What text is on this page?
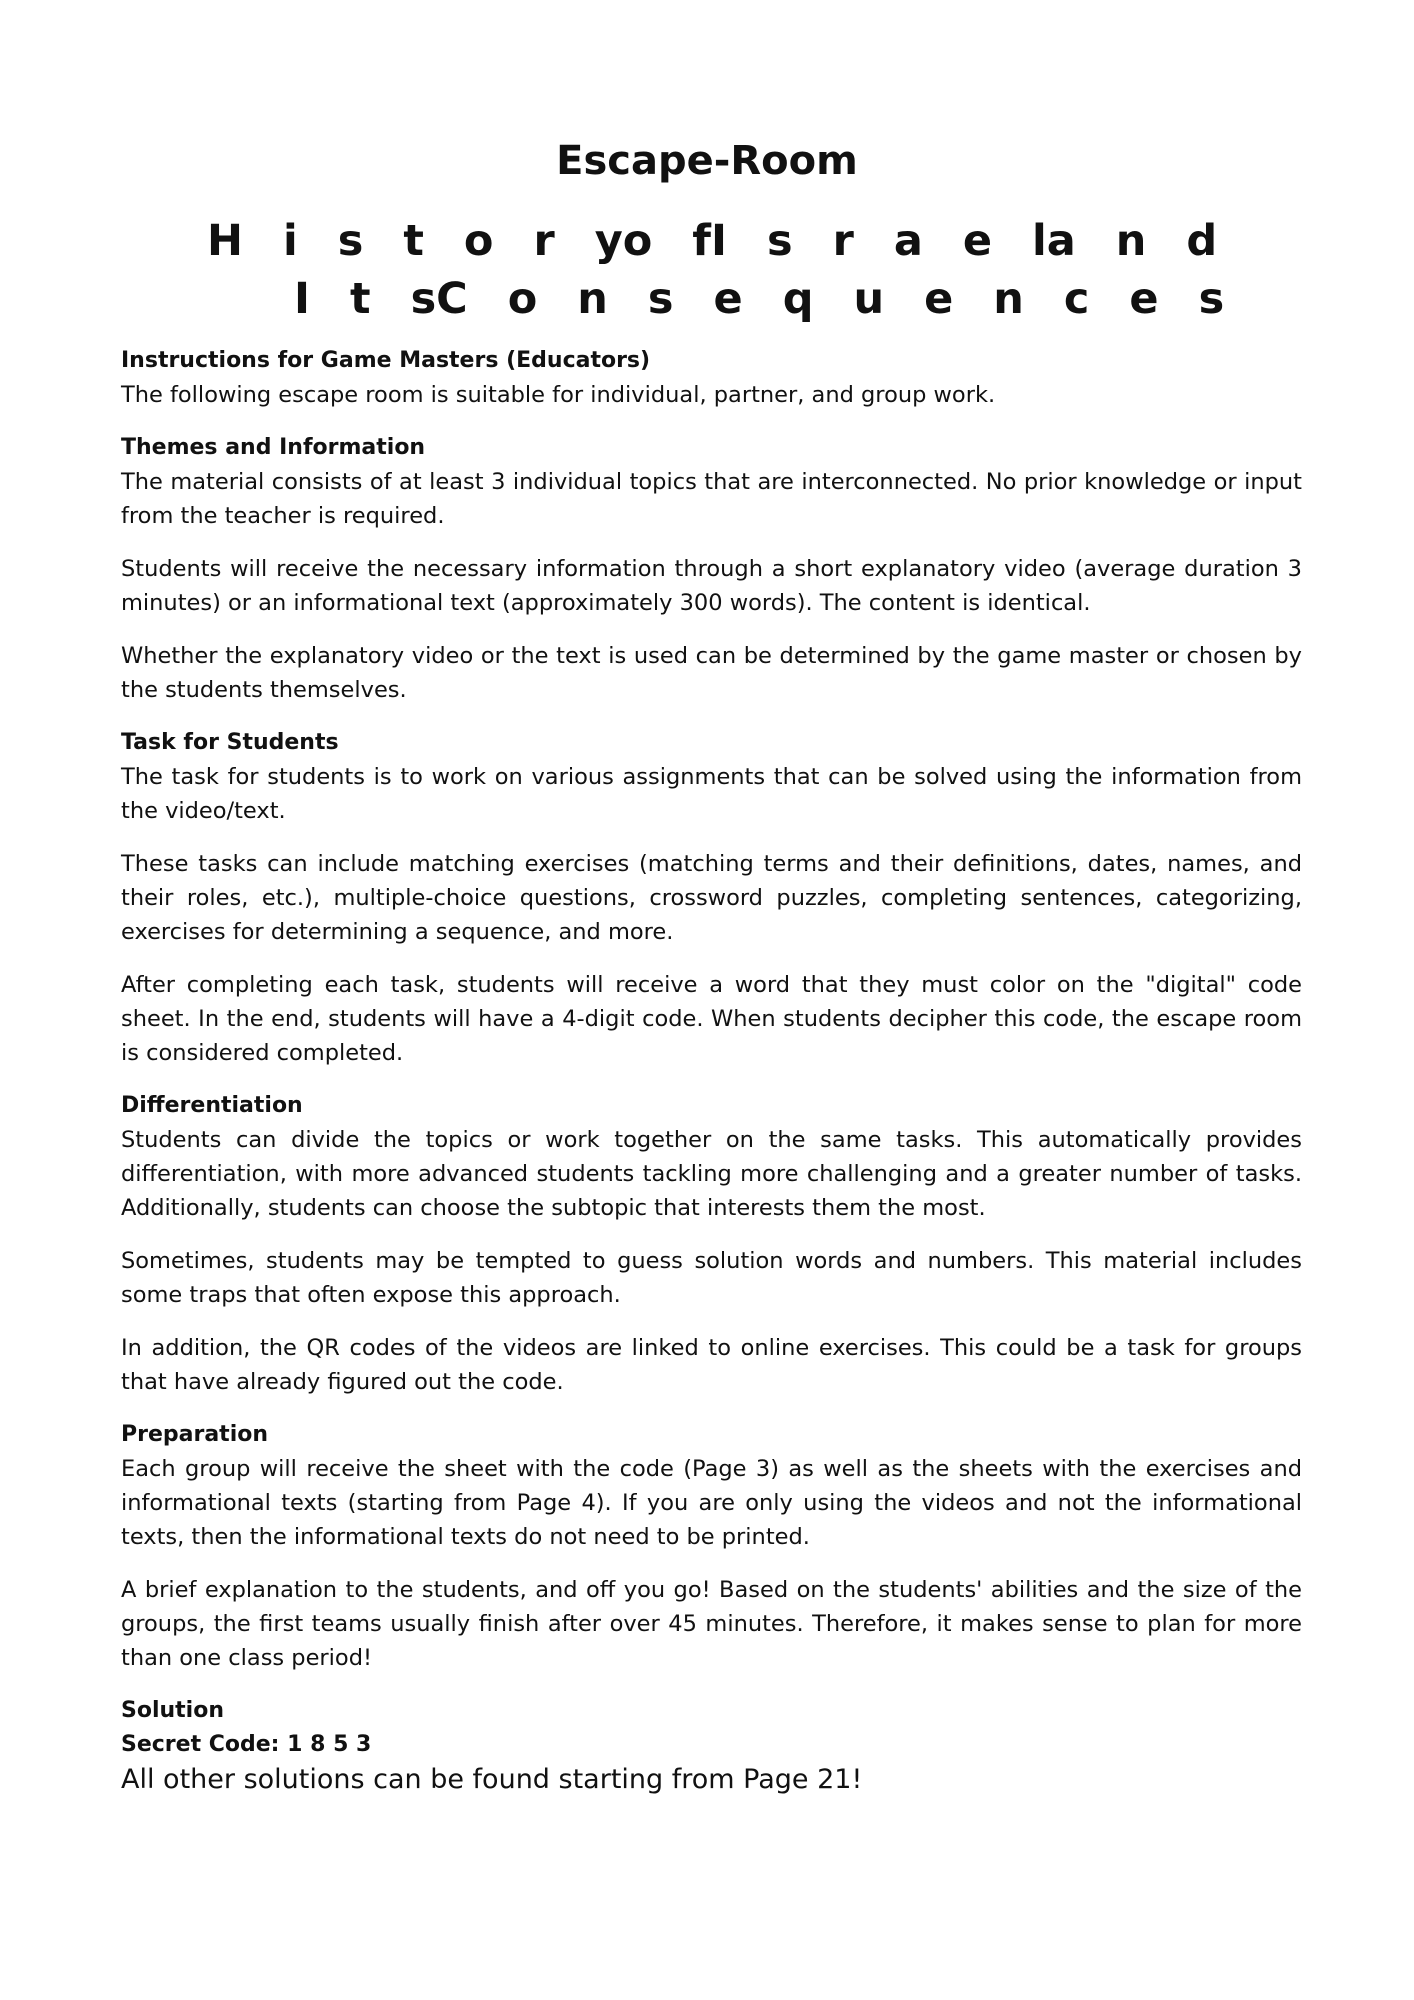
Escape-Room
H i s t o r y o f I s r a e l a n d
I t s C o n s e q u e n c e s
Instructions for Game Masters (Educators)

The following escape room is suitable for individual, partner, and group work.

Themes and Information

The material consists of at least 3 individual topics that are interconnected. No prior knowledge or input from the teacher is required.

Students will receive the necessary information through a short explanatory video (average duration 3 minutes) or an informational text (approximately 300 words). The content is identical.

Whether the explanatory video or the text is used can be determined by the game master or chosen by the students themselves.

Task for Students

The task for students is to work on various assignments that can be solved using the information from the video/text.

These tasks can include matching exercises (matching terms and their definitions, dates, names, and their roles, etc.), multiple-choice questions, crossword puzzles, completing sentences, categorizing, exercises for determining a sequence, and more.

After completing each task, students will receive a word that they must color on the "digital" code sheet. In the end, students will have a 4-digit code. When students decipher this code, the escape room is considered completed.

Differentiation

Students can divide the topics or work together on the same tasks. This automatically provides differentiation, with more advanced students tackling more challenging and a greater number of tasks. Additionally, students can choose the subtopic that interests them the most.

Sometimes, students may be tempted to guess solution words and numbers. This material includes some traps that often expose this approach.

In addition, the QR codes of the videos are linked to online exercises. This could be a task for groups that have already figured out the code.

Preparation

Each group will receive the sheet with the code (Page 3) as well as the sheets with the exercises and informational texts (starting from Page 4). If you are only using the videos and not the informational texts, then the informational texts do not need to be printed.

A brief explanation to the students, and off you go! Based on the students' abilities and the size of the groups, the first teams usually finish after over 45 minutes. Therefore, it makes sense to plan for more than one class period!

Solution
Secret Code: 1 8 5 3
All other solutions can be found starting from Page 21!
